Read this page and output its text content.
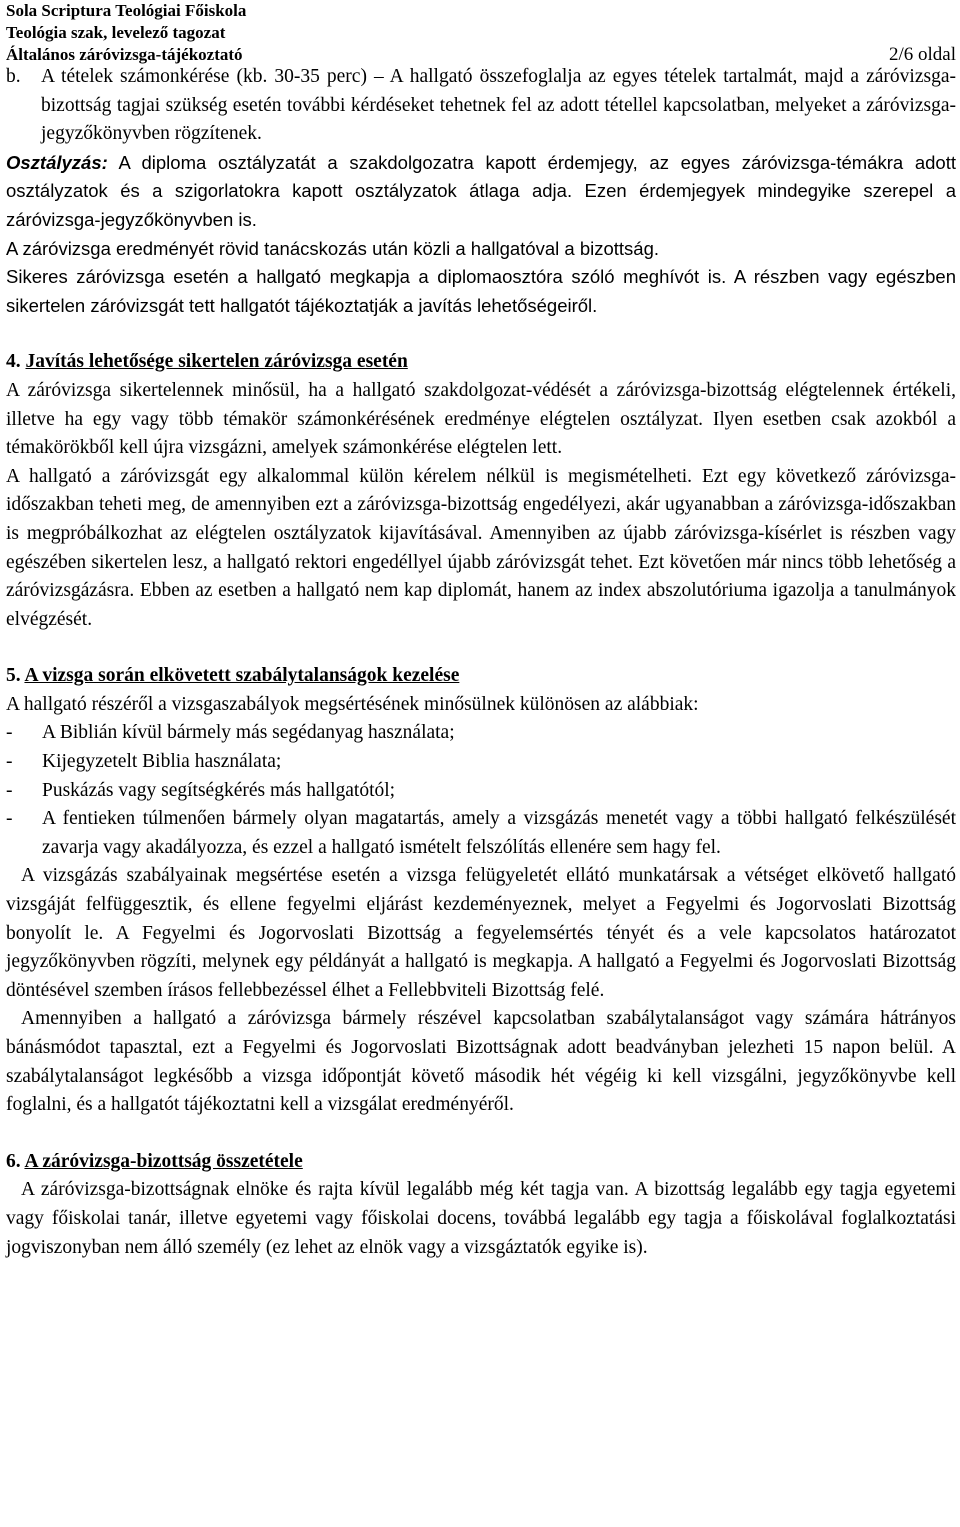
Sola Scriptura Teológiai Főiskola
Teológia szak, levelező tagozat
Általános záróvizsga-tájékoztató	2/6 oldal

b. A tételek számonkérése (kb. 30-35 perc) – A hallgató összefoglalja az egyes tételek tartalmát, majd a záróvizsga-bizottság tagjai szükség esetén további kérdéseket tehetnek fel az adott tétellel kapcsolatban, melyeket a záróvizsga-jegyzőkönyvben rögzítenek.

Osztályzás: A diploma osztályzatát a szakdolgozatra kapott érdemjegy, az egyes záróvizsga-témákra adott osztályzatok és a szigorlatokra kapott osztályzatok átlaga adja. Ezen érdemjegyek mindegyike szerepel a záróvizsga-jegyzőkönyvben is.

A záróvizsga eredményét rövid tanácskozás után közli a hallgatóval a bizottság.

Sikeres záróvizsga esetén a hallgató megkapja a diplomaosztóra szóló meghívót is. A részben vagy egészben sikertelen záróvizsgát tett hallgatót tájékoztatják a javítás lehetőségeiről.

4. Javítás lehetősége sikertelen záróvizsga esetén

A záróvizsga sikertelennek minősül, ha a hallgató szakdolgozat-védését a záróvizsga-bizottság elégtelennek értékeli, illetve ha egy vagy több témakör számonkérésének eredménye elégtelen osztályzat. Ilyen esetben csak azokból a témakörökből kell újra vizsgázni, amelyek számonkérése elégtelen lett.

A hallgató a záróvizsgát egy alkalommal külön kérelem nélkül is megismételheti. Ezt egy következő záróvizsga-időszakban teheti meg, de amennyiben ezt a záróvizsga-bizottság engedélyezi, akár ugyanabban a záróvizsga-időszakban is megpróbálkozhat az elégtelen osztályzatok kijavításával. Amennyiben az újabb záróvizsga-kísérlet is részben vagy egészében sikertelen lesz, a hallgató rektori engedéllyel újabb záróvizsgát tehet. Ezt követően már nincs több lehetőség a záróvizsgázásra. Ebben az esetben a hallgató nem kap diplomát, hanem az index abszolutóriuma igazolja a tanulmányok elvégzését.

5. A vizsga során elkövetett szabálytalanságok kezelése

A hallgató részéről a vizsgaszabályok megsértésének minősülnek különösen az alábbiak:

- A Biblián kívül bármely más segédanyag használata;

- Kijegyzetelt Biblia használata;

- Puskázás vagy segítségkérés más hallgatótól;

- A fentieken túlmenően bármely olyan magatartás, amely a vizsgázás menetét vagy a többi hallgató felkészülését zavarja vagy akadályozza, és ezzel a hallgató ismételt felszólítás ellenére sem hagy fel.

A vizsgázás szabályainak megsértése esetén a vizsga felügyeletét ellátó munkatársak a vétséget elkövető hallgató vizsgáját felfüggesztik, és ellene fegyelmi eljárást kezdeményeznek, melyet a Fegyelmi és Jogorvoslati Bizottság bonyolít le. A Fegyelmi és Jogorvoslati Bizottság a fegyelemsértés tényét és a vele kapcsolatos határozatot jegyzőkönyvben rögzíti, melynek egy példányát a hallgató is megkapja. A hallgató a Fegyelmi és Jogorvoslati Bizottság döntésével szemben írásos fellebbezéssel élhet a Fellebbviteli Bizottság felé.

Amennyiben a hallgató a záróvizsga bármely részével kapcsolatban szabálytalanságot vagy számára hátrányos bánásmódot tapasztal, ezt a Fegyelmi és Jogorvoslati Bizottságnak adott beadványban jelezheti 15 napon belül. A szabálytalanságot legkésőbb a vizsga időpontját követő második hét végéig ki kell vizsgálni, jegyzőkönyvbe kell foglalni, és a hallgatót tájékoztatni kell a vizsgálat eredményéről.

6. A záróvizsga-bizottság összetétele

A záróvizsga-bizottságnak elnöke és rajta kívül legalább még két tagja van. A bizottság legalább egy tagja egyetemi vagy főiskolai tanár, illetve egyetemi vagy főiskolai docens, továbbá legalább egy tagja a főiskolával foglalkoztatási jogviszonyban nem álló személy (ez lehet az elnök vagy a vizsgáztatók egyike is).
